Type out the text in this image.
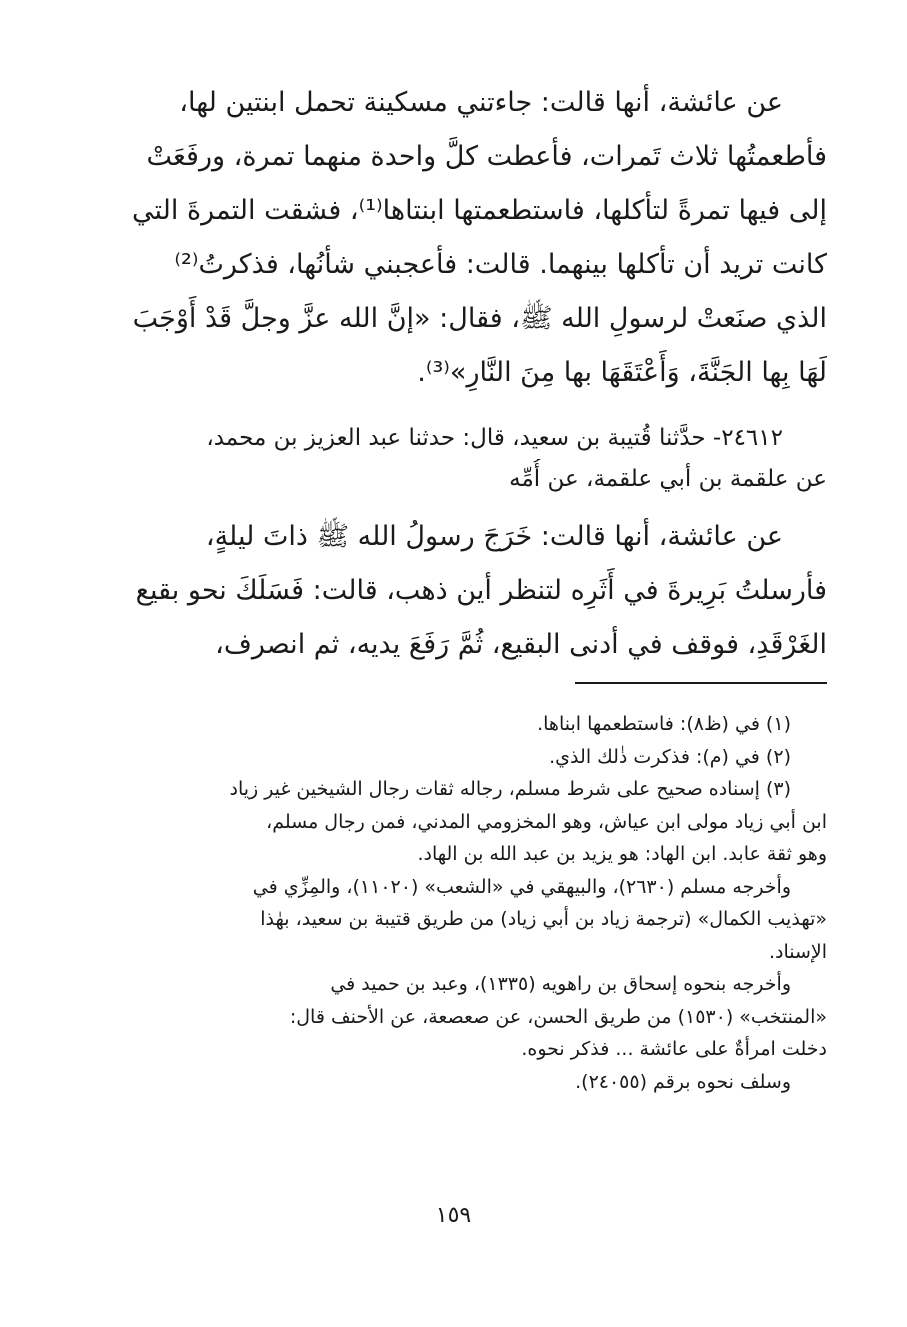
عن عائشة، أنها قالت: جاءتني مسكينة تحمل ابنتين لها،
فأطعمتُها ثلاث تَمرات، فأعطت كلَّ واحدة منهما تمرة، ورفَعَتْ
إلى فيها تمرةً لتأكلها، فاستطعمتها ابنتاها⁽¹⁾، فشقت التمرةَ التي
كانت تريد أن تأكلها بينهما. قالت: فأعجبني شأنُها، فذكرتُ⁽²⁾
الذي صنَعتْ لرسولِ الله ﷺ، فقال: «إنَّ الله عزَّ وجلَّ قَدْ أَوْجَبَ
لَهَا بِها الجَنَّةَ، وَأَعْتَقَهَا بها مِنَ النَّارِ»⁽³⁾.
٢٤٦١٢- حدَّثنا قُتيبة بن سعيد، قال: حدثنا عبد العزيز بن محمد،
عن علقمة بن أبي علقمة، عن أُمِّه
عن عائشة، أنها قالت: خَرَجَ رسولُ الله ﷺ ذاتَ ليلةٍ،
فأرسلتُ بَرِيرةَ في أَثَرِه لتنظر أين ذهب، قالت: فَسَلَكَ نحو بقيع
الغَرْقَدِ، فوقف في أدنى البقيع، ثُمَّ رَفَعَ يديه، ثم انصرف،
(١) في (ظ٨): فاستطعمها ابناها.
(٢) في (م): فذكرت ذٰلك الذي.
(٣) إسناده صحيح على شرط مسلم، رجاله ثقات رجال الشيخين غير زياد
ابن أبي زياد مولى ابن عياش، وهو المخزومي المدني، فمن رجال مسلم،
وهو ثقة عابد. ابن الهاد: هو يزيد بن عبد الله بن الهاد.
وأخرجه مسلم (٢٦٣٠)، والبيهقي في «الشعب» (١١٠٢٠)، والمِزِّي في
«تهذيب الكمال» (ترجمة زياد بن أبي زياد) من طريق قتيبة بن سعيد، بهٰذا
الإسناد.
وأخرجه بنحوه إسحاق بن راهويه (١٣٣٥)، وعبد بن حميد في
«المنتخب» (١٥٣٠) من طريق الحسن، عن صعصعة، عن الأحنف قال:
دخلت امرأةٌ على عائشة ... فذكر نحوه.
وسلف نحوه برقم (٢٤٠٥٥).
١٥٩
